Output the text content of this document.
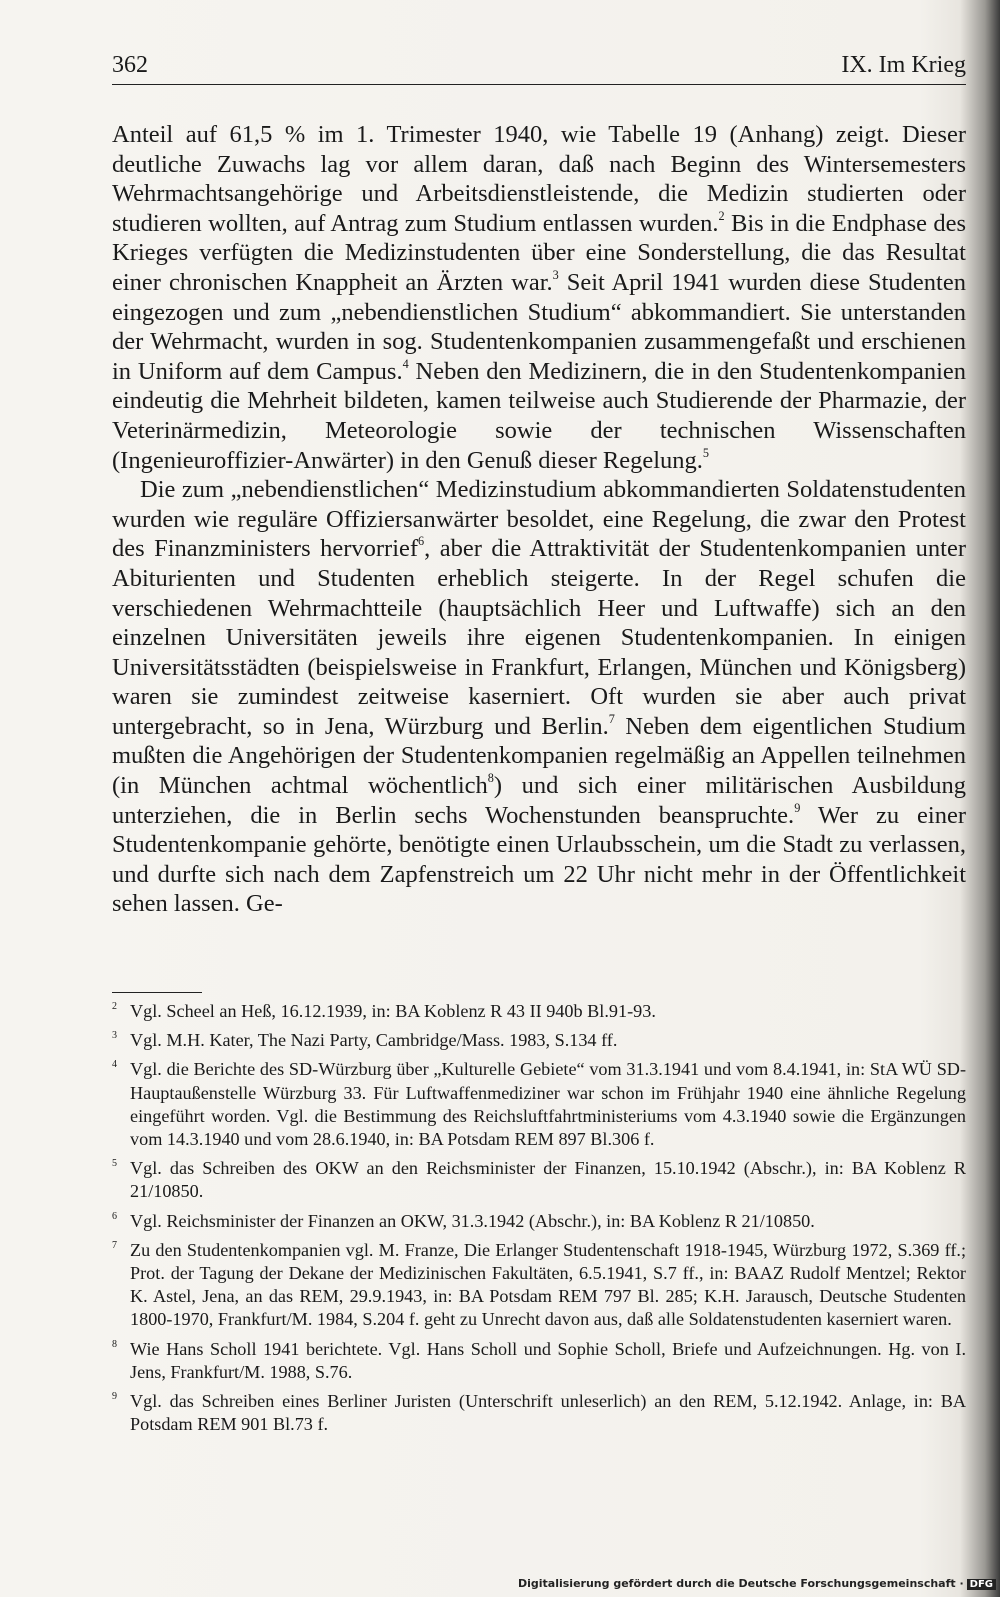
362	IX. Im Krieg

Anteil auf 61,5 % im 1. Trimester 1940, wie Tabelle 19 (Anhang) zeigt. Dieser deutliche Zuwachs lag vor allem daran, daß nach Beginn des Wintersemesters Wehrmachtsangehörige und Arbeitsdienstleistende, die Medizin studierten oder studieren wollten, auf Antrag zum Studium entlassen wurden.$^2$ Bis in die Endphase des Krieges verfügten die Medizinstudenten über eine Sonderstellung, die das Resultat einer chronischen Knappheit an Ärzten war.$^3$ Seit April 1941 wurden diese Studenten eingezogen und zum „nebendienstlichen Studium“ abkommandiert. Sie unterstanden der Wehrmacht, wurden in sog. Studentenkompanien zusammengefaßt und erschienen in Uniform auf dem Campus.$^4$ Neben den Medizinern, die in den Studentenkompanien eindeutig die Mehrheit bildeten, kamen teilweise auch Studierende der Pharmazie, der Veterinärmedizin, Meteorologie sowie der technischen Wissenschaften (Ingenieuroffizier-Anwärter) in den Genuß dieser Regelung.$^5$

Die zum „nebendienstlichen“ Medizinstudium abkommandierten Soldatenstudenten wurden wie reguläre Offiziersanwärter besoldet, eine Regelung, die zwar den Protest des Finanzministers hervorrief$^6$, aber die Attraktivität der Studentenkompanien unter Abiturienten und Studenten erheblich steigerte. In der Regel schufen die verschiedenen Wehrmachtteile (hauptsächlich Heer und Luftwaffe) sich an den einzelnen Universitäten jeweils ihre eigenen Studentenkompanien. In einigen Universitätsstädten (beispielsweise in Frankfurt, Erlangen, München und Königsberg) waren sie zumindest zeitweise kaserniert. Oft wurden sie aber auch privat untergebracht, so in Jena, Würzburg und Berlin.$^7$ Neben dem eigentlichen Studium mußten die Angehörigen der Studentenkompanien regelmäßig an Appellen teilnehmen (in München achtmal wöchentlich$^8$) und sich einer militärischen Ausbildung unterziehen, die in Berlin sechs Wochenstunden beanspruchte.$^9$ Wer zu einer Studentenkompanie gehörte, benötigte einen Urlaubsschein, um die Stadt zu verlassen, und durfte sich nach dem Zapfenstreich um 22 Uhr nicht mehr in der Öffentlichkeit sehen lassen. Ge-

2 Vgl. Scheel an Heß, 16.12.1939, in: BA Koblenz R 43 II 940b Bl.91-93.
3 Vgl. M.H. Kater, The Nazi Party, Cambridge/Mass. 1983, S.134 ff.
4 Vgl. die Berichte des SD-Würzburg über „Kulturelle Gebiete“ vom 31.3.1941 und vom 8.4.1941, in: StA WÜ SD-Hauptaußenstelle Würzburg 33. Für Luftwaffenmediziner war schon im Frühjahr 1940 eine ähnliche Regelung eingeführt worden. Vgl. die Bestimmung des Reichsluftfahrtministeriums vom 4.3.1940 sowie die Ergänzungen vom 14.3.1940 und vom 28.6.1940, in: BA Potsdam REM 897 Bl.306 f.
5 Vgl. das Schreiben des OKW an den Reichsminister der Finanzen, 15.10.1942 (Abschr.), in: BA Koblenz R 21/10850.
6 Vgl. Reichsminister der Finanzen an OKW, 31.3.1942 (Abschr.), in: BA Koblenz R 21/10850.
7 Zu den Studentenkompanien vgl. M. Franze, Die Erlanger Studentenschaft 1918-1945, Würzburg 1972, S.369 ff.; Prot. der Tagung der Dekane der Medizinischen Fakultäten, 6.5.1941, S.7 ff., in: BAAZ Rudolf Mentzel; Rektor K. Astel, Jena, an das REM, 29.9.1943, in: BA Potsdam REM 797 Bl. 285; K.H. Jarausch, Deutsche Studenten 1800-1970, Frankfurt/M. 1984, S.204 f. geht zu Unrecht davon aus, daß alle Soldatenstudenten kaserniert waren.
8 Wie Hans Scholl 1941 berichtete. Vgl. Hans Scholl und Sophie Scholl, Briefe und Aufzeichnungen. Hg. von I. Jens, Frankfurt/M. 1988, S.76.
9 Vgl. das Schreiben eines Berliner Juristen (Unterschrift unleserlich) an den REM, 5.12.1942. Anlage, in: BA Potsdam REM 901 Bl.73 f.
Digitalisierung gefördert durch die Deutsche Forschungsgemeinschaft · DFG
